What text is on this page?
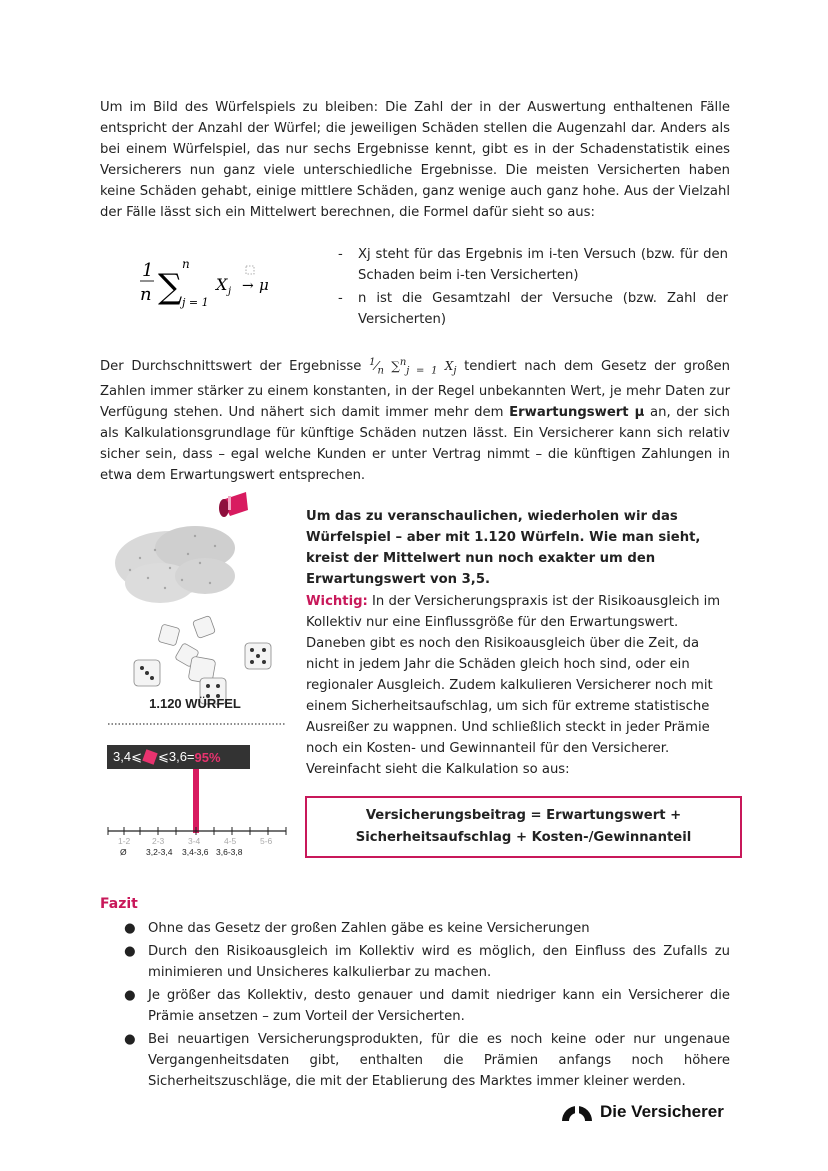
Um im Bild des Würfelspiels zu bleiben: Die Zahl der in der Auswertung enthaltenen Fälle entspricht der Anzahl der Würfel; die jeweiligen Schäden stellen die Augenzahl dar. Anders als bei einem Würfelspiel, das nur sechs Ergebnisse kennt, gibt es in der Schadenstatistik eines Versicherers nun ganz viele unterschiedliche Ergebnisse. Die meisten Versicherten haben keine Schäden gehabt, einige mittlere Schäden, ganz wenige auch ganz hohe. Aus der Vielzahl der Fälle lässt sich ein Mittelwert berechnen, die Formel dafür sieht so aus:

1
n ∑
n
j = 1
X j → μ
-	Xj steht für das Ergebnis im i-ten Versuch (bzw. für den Schaden beim i-ten Versicherten)
-	n ist die Gesamtzahl der Versuche (bzw. Zahl der Versicherten)

Der Durchschnittswert der Ergebnisse $^1⁄_n$ ∑$^n_{j = 1}$ $X_j$ tendiert nach dem Gesetz der großen Zahlen immer stärker zu einem konstanten, in der Regel unbekannten Wert, je mehr Daten zur Verfügung stehen. Und nähert sich damit immer mehr dem Erwartungswert µ an, der sich als Kalkulationsgrundlage für künftige Schäden nutzen lässt. Ein Versicherer kann sich relativ sicher sein, dass – egal welche Kunden er unter Vertrag nimmt – die künftigen Zahlungen in etwa dem Erwartungswert entsprechen.

1-2	2-3	3-4	4-5	5-6
Ø 3,2-3,4 3,4-3,6 3,6-3,8
1.120 WÜRFEL
3,4⩽ ⩽3,6= 95%

Um das zu veranschaulichen, wiederholen wir das Würfelspiel – aber mit 1.120 Würfeln. Wie man sieht, kreist der Mittelwert nun noch exakter um den Erwartungswert von 3,5.

Wichtig: In der Versicherungspraxis ist der Risikoausgleich im Kollektiv nur eine Einflussgröße für den Erwartungswert. Daneben gibt es noch den Risikoausgleich über die Zeit, da nicht in jedem Jahr die Schäden gleich hoch sind, oder ein regionaler Ausgleich. Zudem kalkulieren Versicherer noch mit einem Sicherheitsaufschlag, um sich für extreme statistische Ausreißer zu wappnen. Und schließlich steckt in jeder Prämie noch ein Kosten- und Gewinnanteil für den Versicherer. Vereinfacht sieht die Kalkulation so aus:

Versicherungsbeitrag = Erwartungswert + Sicherheitsaufschlag + Kosten-/Gewinnanteil
Fazit
● Ohne das Gesetz der großen Zahlen gäbe es keine Versicherungen
● Durch den Risikoausgleich im Kollektiv wird es möglich, den Einfluss des Zufalls zu minimieren und Unsicheres kalkulierbar zu machen.
● Je größer das Kollektiv, desto genauer und damit niedriger kann ein Versicherer die Prämie ansetzen – zum Vorteil der Versicherten.
● Bei neuartigen Versicherungsprodukten, für die es noch keine oder nur ungenaue Vergangenheitsdaten gibt, enthalten die Prämien anfangs noch höhere Sicherheitszuschläge, die mit der Etablierung des Marktes immer kleiner werden.
Die Versicherer
